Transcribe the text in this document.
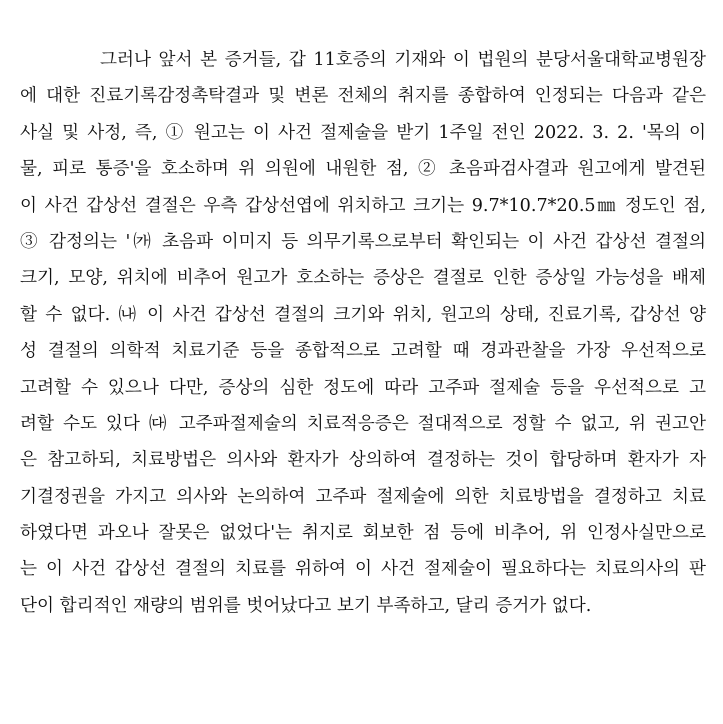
그러나 앞서 본 증거들, 갑 11호증의 기재와 이 법원의 분당서울대학교병원장
에 대한 진료기록감정촉탁결과 및 변론 전체의 취지를 종합하여 인정되는 다음과 같은
사실 및 사정, 즉, ① 원고는 이 사건 절제술을 받기 1주일 전인 2022. 3. 2. '목의 이
물, 피로 통증'을 호소하며 위 의원에 내원한 점, ② 초음파검사결과 원고에게 발견된
이 사건 갑상선 결절은 우측 갑상선엽에 위치하고 크기는 9.7*10.7*20.5㎜ 정도인 점,
③ 감정의는 '㈎ 초음파 이미지 등 의무기록으로부터 확인되는 이 사건 갑상선 결절의
크기, 모양, 위치에 비추어 원고가 호소하는 증상은 결절로 인한 증상일 가능성을 배제
할 수 없다. ㈏ 이 사건 갑상선 결절의 크기와 위치, 원고의 상태, 진료기록, 갑상선 양
성 결절의 의학적 치료기준 등을 종합적으로 고려할 때 경과관찰을 가장 우선적으로
고려할 수 있으나 다만, 증상의 심한 정도에 따라 고주파 절제술 등을 우선적으로 고
려할 수도 있다 ㈐ 고주파절제술의 치료적응증은 절대적으로 정할 수 없고, 위 권고안
은 참고하되, 치료방법은 의사와 환자가 상의하여 결정하는 것이 합당하며 환자가 자
기결정권을 가지고 의사와 논의하여 고주파 절제술에 의한 치료방법을 결정하고 치료
하였다면 과오나 잘못은 없었다'는 취지로 회보한 점 등에 비추어, 위 인정사실만으로
는 이 사건 갑상선 결절의 치료를 위하여 이 사건 절제술이 필요하다는 치료의사의 판
단이 합리적인 재량의 범위를 벗어났다고 보기 부족하고, 달리 증거가 없다.
